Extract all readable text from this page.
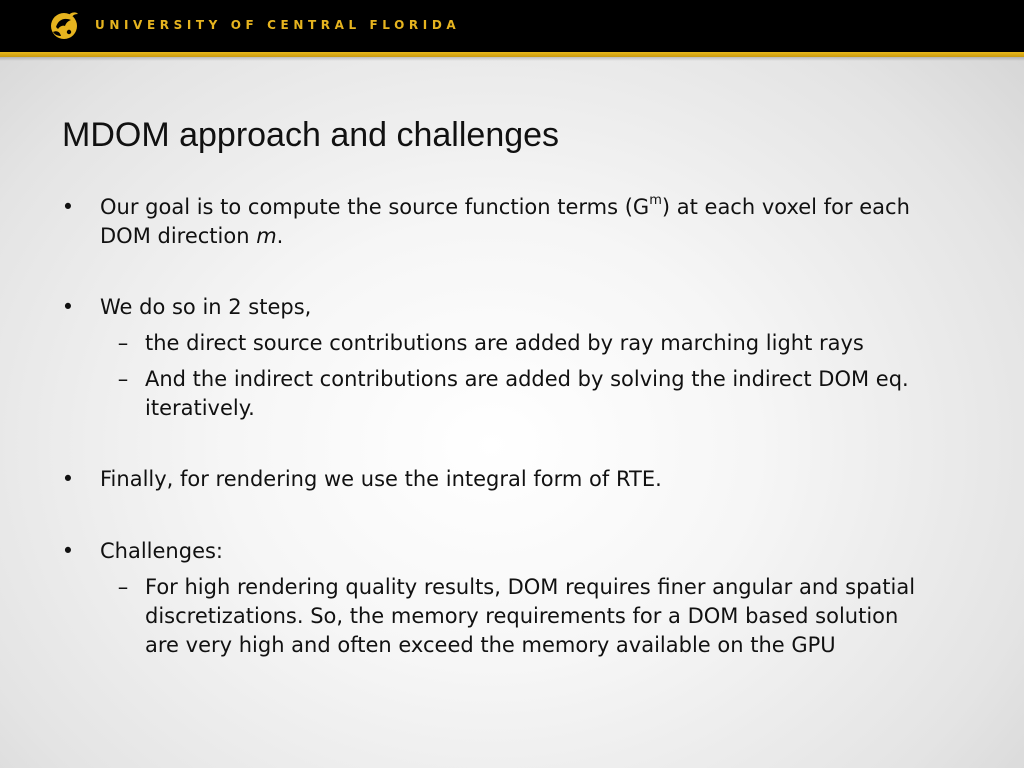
UNIVERSITY OF CENTRAL FLORIDA
MDOM approach and challenges
• Our goal is to compute the source function terms $(G^m)$ at each voxel for each
DOM direction m.
• We do so in 2 steps,
– the direct source contributions are added by ray marching light rays
– And the indirect contributions are added by solving the indirect DOM eq.
iteratively.
• Finally, for rendering we use the integral form of RTE.
• Challenges:
– For high rendering quality results, DOM requires finer angular and spatial
discretizations. So, the memory requirements for a DOM based solution
are very high and often exceed the memory available on the GPU
